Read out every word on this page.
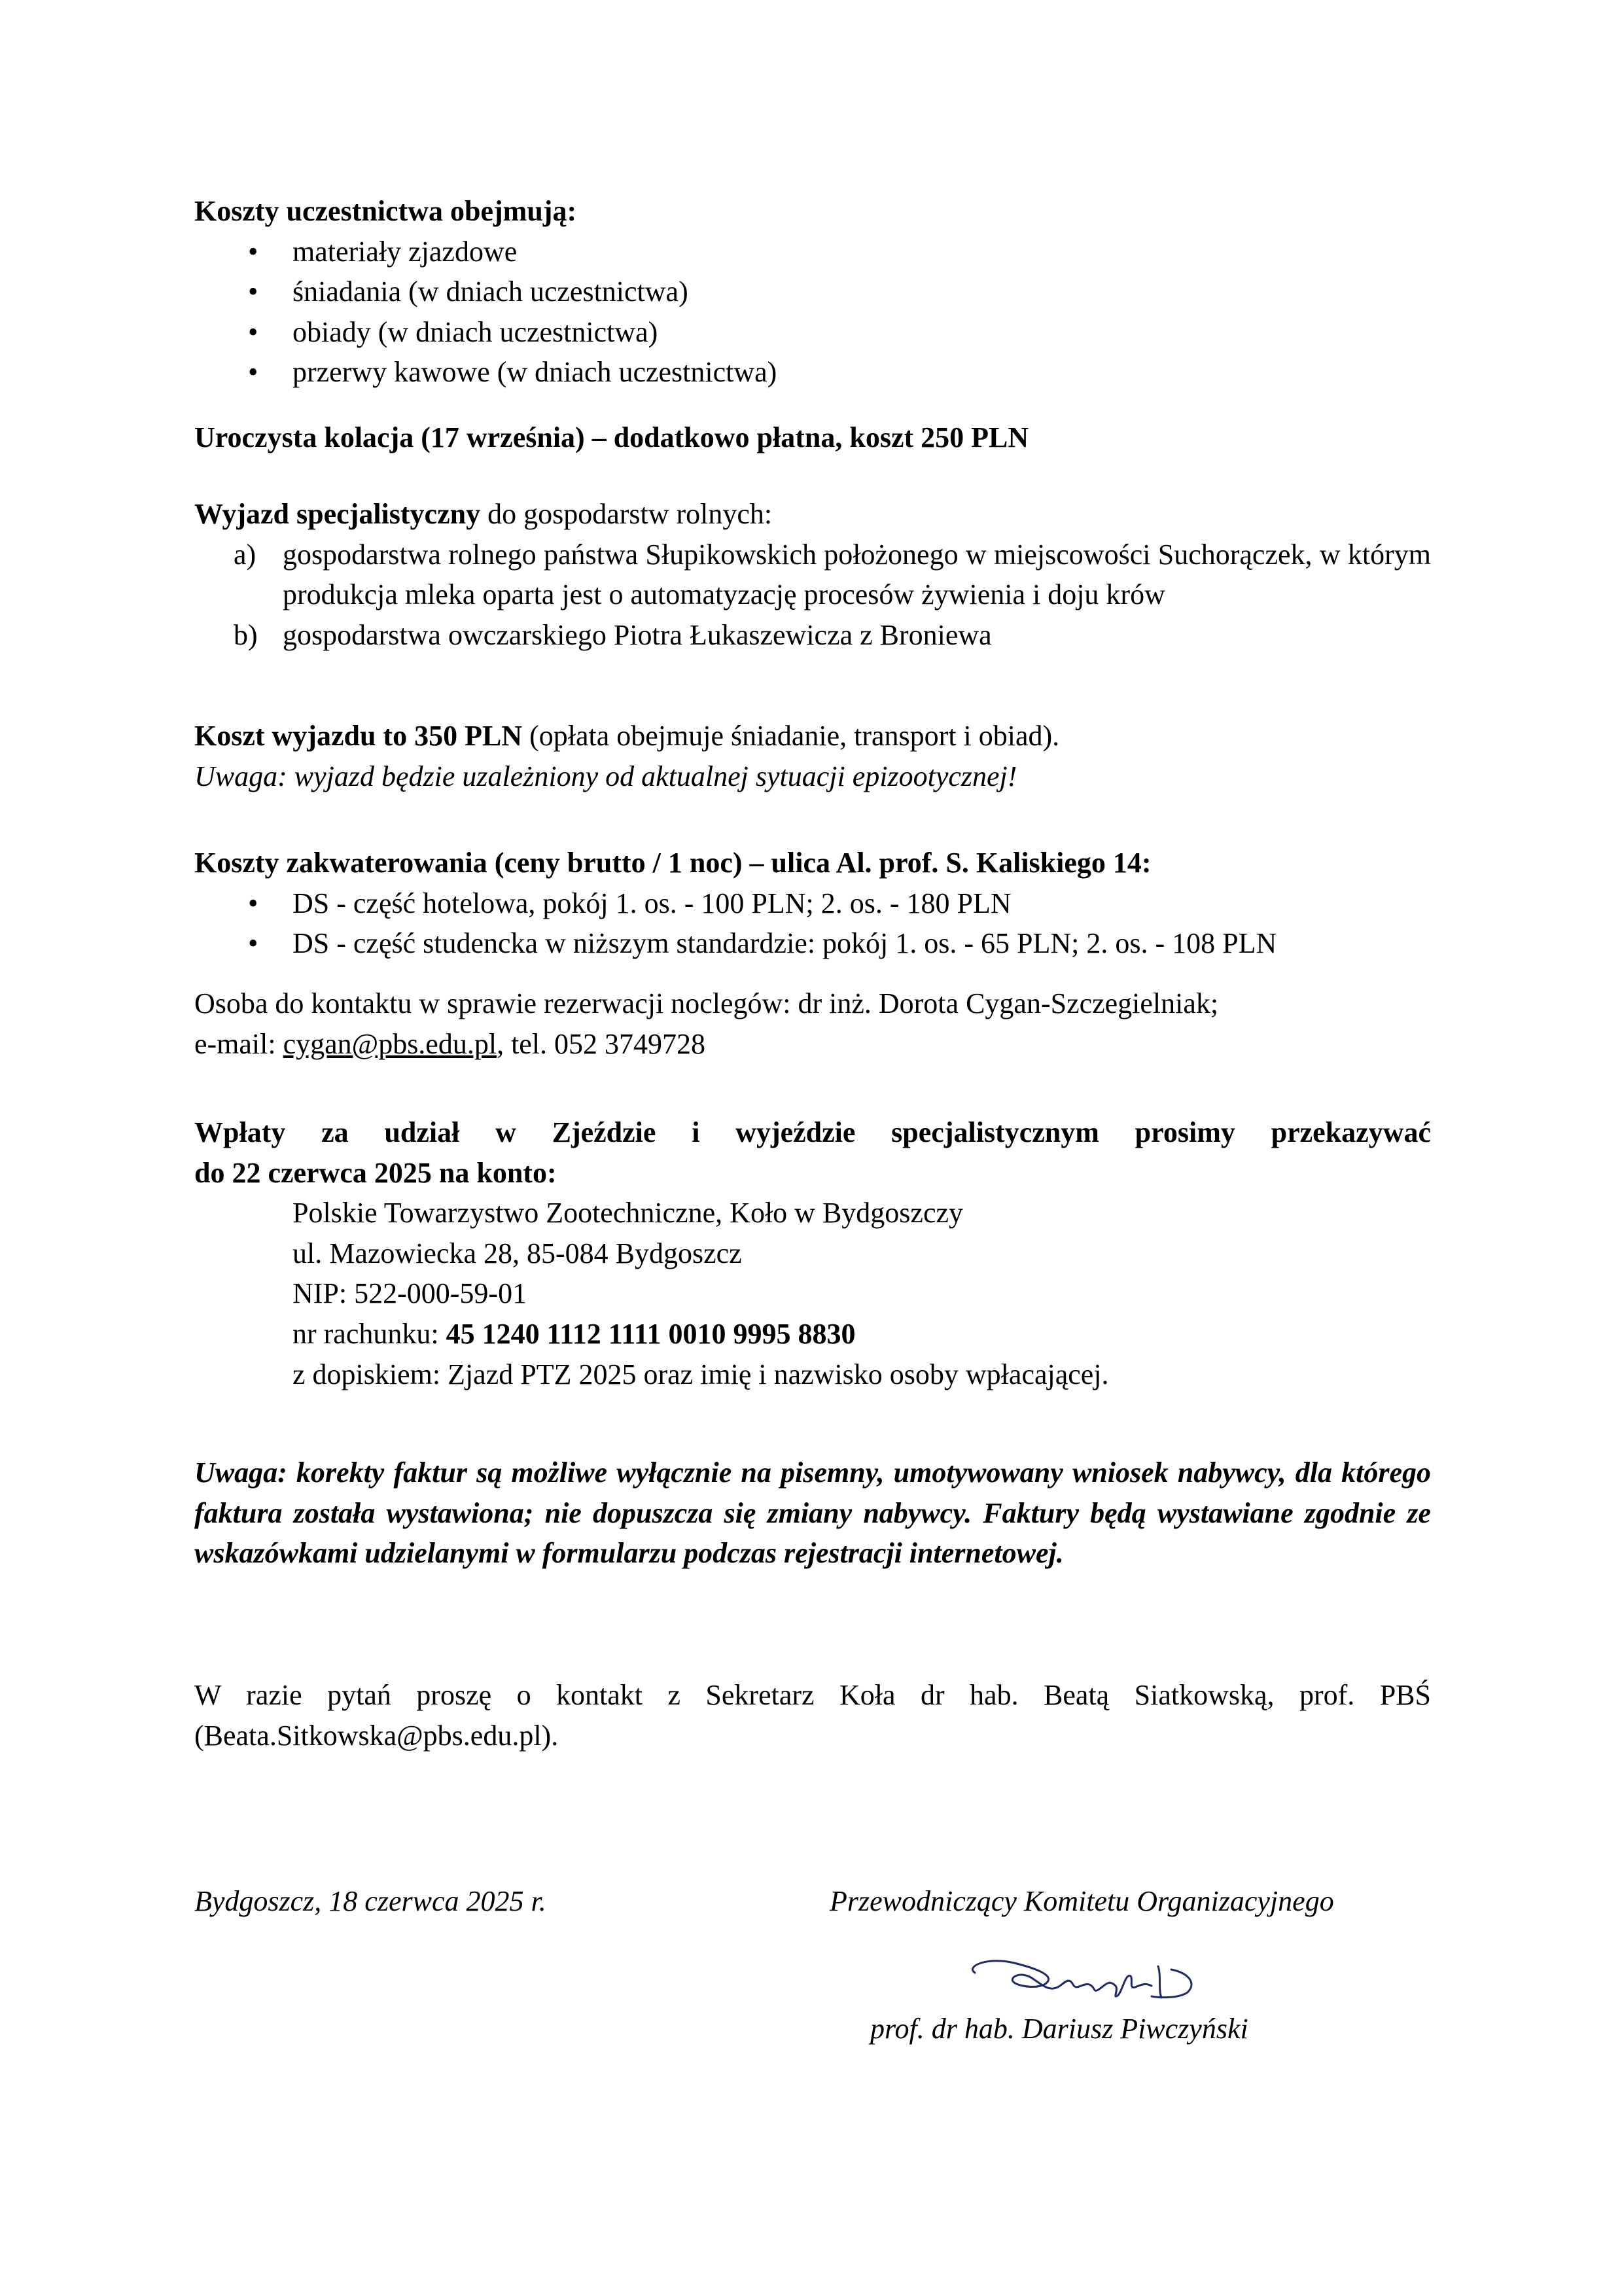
Koszty uczestnictwa obejmują:

• materiały zjazdowe
• śniadania (w dniach uczestnictwa)
• obiady (w dniach uczestnictwa)
• przerwy kawowe (w dniach uczestnictwa)

Uroczysta kolacja (17 września) – dodatkowo płatna, koszt 250 PLN

Wyjazd specjalistyczny do gospodarstw rolnych:

a) gospodarstwa rolnego państwa Słupikowskich położonego w miejscowości Suchorączek, w którym produkcja mleka oparta jest o automatyzację procesów żywienia i doju krów
b) gospodarstwa owczarskiego Piotra Łukaszewicza z Broniewa

Koszt wyjazdu to 350 PLN (opłata obejmuje śniadanie, transport i obiad).

Uwaga: wyjazd będzie uzależniony od aktualnej sytuacji epizootycznej!

Koszty zakwaterowania (ceny brutto / 1 noc) – ulica Al. prof. S. Kaliskiego 14:

• DS - część hotelowa, pokój 1. os. - 100 PLN; 2. os. - 180 PLN
• DS - część studencka w niższym standardzie: pokój 1. os. - 65 PLN; 2. os. - 108 PLN

Osoba do kontaktu w sprawie rezerwacji noclegów: dr inż. Dorota Cygan-Szczegielniak;

e-mail: cygan@pbs.edu.pl, tel. 052 3749728

Wpłaty za udział w Zjeździe i wyjeździe specjalistycznym prosimy przekazywać

do 22 czerwca 2025 na konto:

Polskie Towarzystwo Zootechniczne, Koło w Bydgoszczy

ul. Mazowiecka 28, 85-084 Bydgoszcz

NIP: 522-000-59-01

nr rachunku: 45 1240 1112 1111 0010 9995 8830

z dopiskiem: Zjazd PTZ 2025 oraz imię i nazwisko osoby wpłacającej.

Uwaga: korekty faktur są możliwe wyłącznie na pisemny, umotywowany wniosek nabywcy, dla którego faktura została wystawiona; nie dopuszcza się zmiany nabywcy. Faktury będą wystawiane zgodnie ze wskazówkami udzielanymi w formularzu podczas rejestracji internetowej.

W razie pytań proszę o kontakt z Sekretarz Koła dr hab. Beatą Siatkowską, prof. PBŚ (Beata.Sitkowska@pbs.edu.pl).

Bydgoszcz, 18 czerwca 2025 r.	Przewodniczący Komitetu Organizacyjnego

prof. dr hab. Dariusz Piwczyński
